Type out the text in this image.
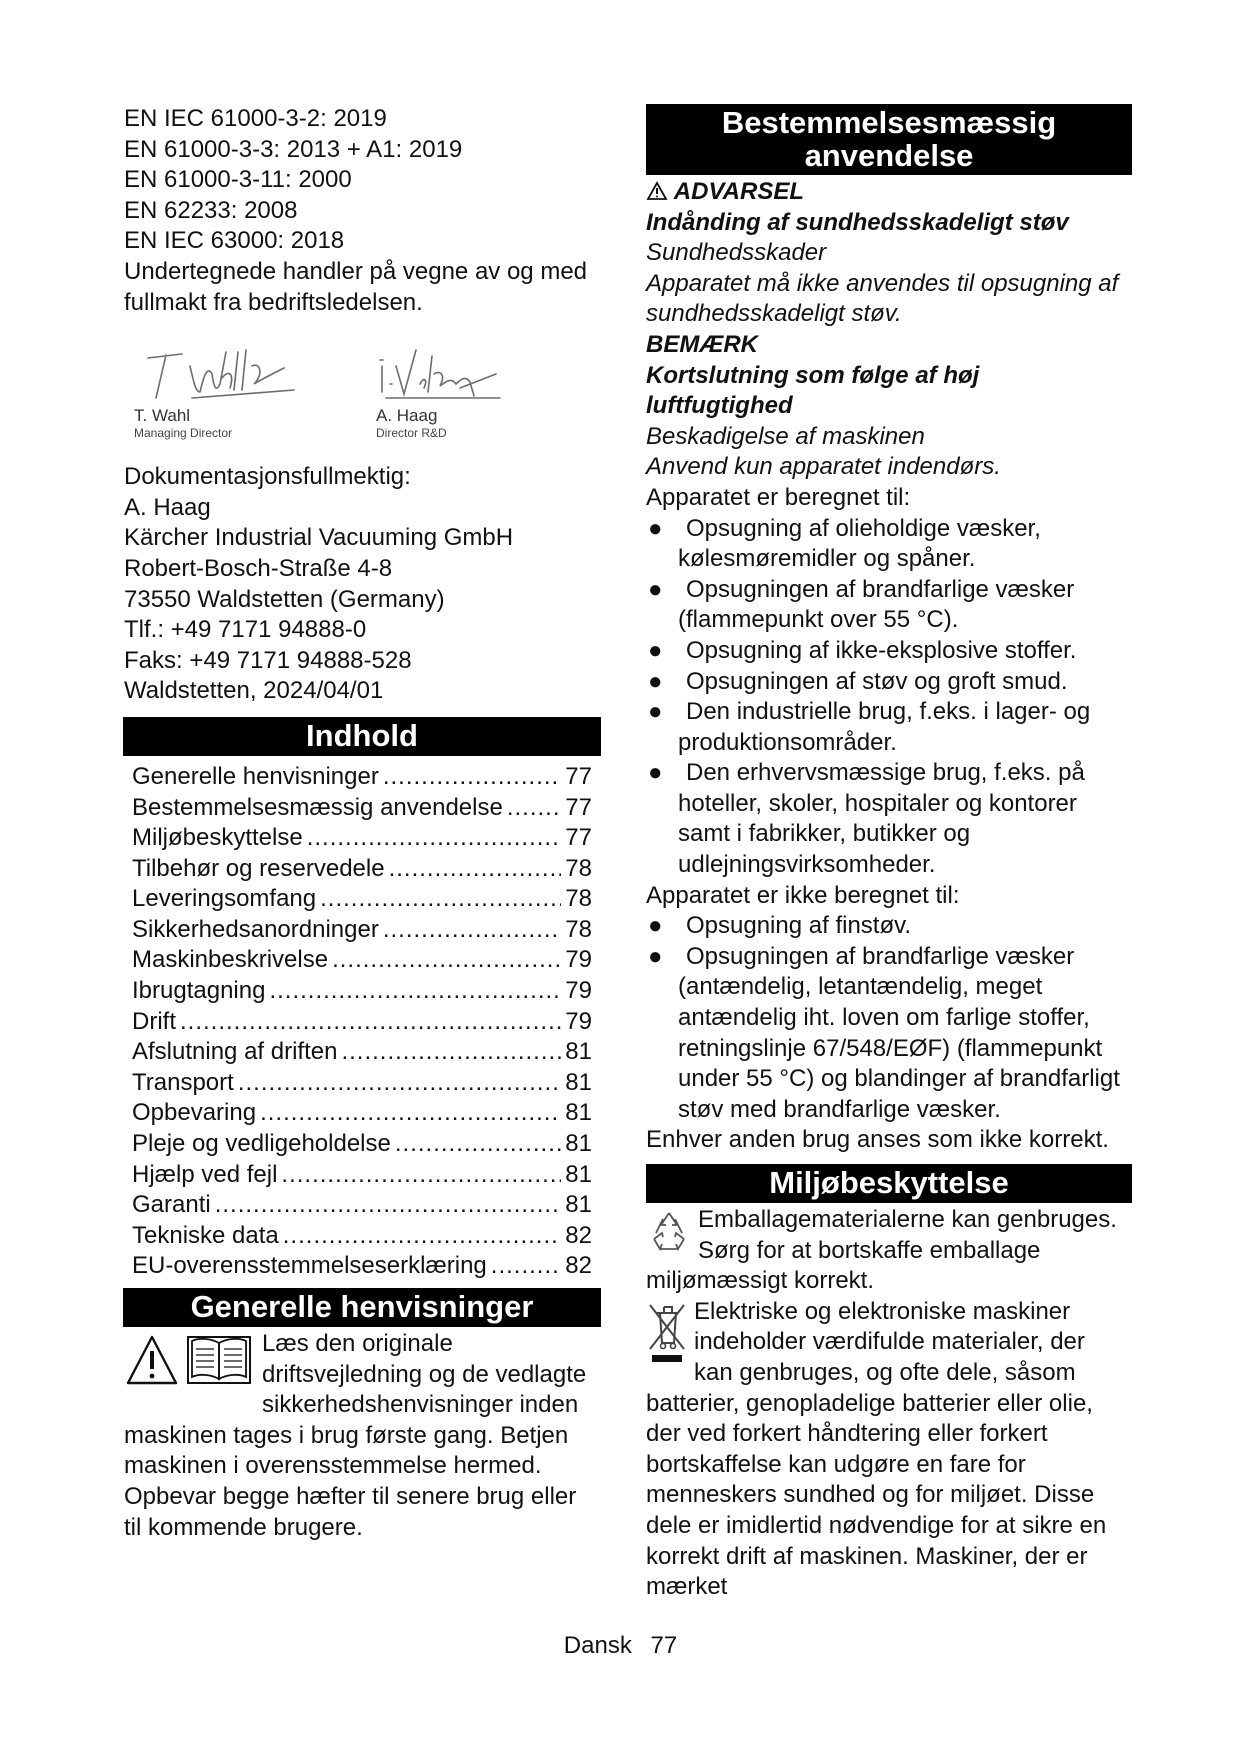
EN IEC 61000-3-2: 2019
EN 61000-3-3: 2013 + A1: 2019
EN 61000-3-11: 2000
EN 62233: 2008
EN IEC 63000: 2018
Undertegnede handler på vegne av og med fullmakt fra bedriftsledelsen.
T. Wahl
Managing Director
A. Haag
Director R&D
Dokumentasjonsfullmektig:
A. Haag
Kärcher Industrial Vacuuming GmbH
Robert-Bosch-Straße 4-8
73550 Waldstetten (Germany)
Tlf.: +49 7171 94888-0
Faks: +49 7171 94888-528
Waldstetten, 2024/04/01
Indhold
Generelle henvisninger .....	77
Bestemmelsesmæssig anvendelse .....	77
Miljøbeskyttelse .....	77
Tilbehør og reservedele .....	78
Leveringsomfang .....	78
Sikkerhedsanordninger .....	78
Maskinbeskrivelse .....	79
Ibrugtagning .....	79
Drift .....	79
Afslutning af driften .....	81
Transport .....	81
Opbevaring .....	81
Pleje og vedligeholdelse .....	81
Hjælp ved fejl .....	81
Garanti .....	81
Tekniske data .....	82
EU-overensstemmelseserklæring .....	82
Generelle henvisninger
Læs den originale driftsvejledning og de vedlagte sikkerhedshenvisninger inden maskinen tages i brug første gang. Betjen maskinen i overensstemmelse hermed.
Opbevar begge hæfter til senere brug eller til kommende brugere.
Bestemmelsesmæssig anvendelse
ADVARSEL
Indånding af sundhedsskadeligt støv
Sundhedsskader
Apparatet må ikke anvendes til opsugning af sundhedsskadeligt støv.
BEMÆRK
Kortslutning som følge af høj luftfugtighed
Beskadigelse af maskinen
Anvend kun apparatet indendørs.
Apparatet er beregnet til:
● Opsugning af olieholdige væsker, kølesmøremidler og spåner.
● Opsugningen af brandfarlige væsker (flammepunkt over 55 °C).
● Opsugning af ikke-eksplosive stoffer.
● Opsugningen af støv og groft smud.
● Den industrielle brug, f.eks. i lager- og produktionsområder.
● Den erhvervsmæssige brug, f.eks. på hoteller, skoler, hospitaler og kontorer samt i fabrikker, butikker og udlejningsvirksomheder.
Apparatet er ikke beregnet til:
● Opsugning af finstøv.
● Opsugningen af brandfarlige væsker (antændelig, letantændelig, meget antændelig iht. loven om farlige stoffer, retningslinje 67/548/EØF) (flammepunkt under 55 °C) og blandinger af brandfarligt støv med brandfarlige væsker.
Enhver anden brug anses som ikke korrekt.
Miljøbeskyttelse
Emballagematerialerne kan genbruges. Sørg for at bortskaffe emballage miljømæssigt korrekt.
Elektriske og elektroniske maskiner indeholder værdifulde materialer, der kan genbruges, og ofte dele, såsom batterier, genopladelige batterier eller olie, der ved forkert håndtering eller forkert bortskaffelse kan udgøre en fare for menneskers sundhed og for miljøet. Disse dele er imidlertid nødvendige for at sikre en korrekt drift af maskinen. Maskiner, der er mærket
Dansk 77
